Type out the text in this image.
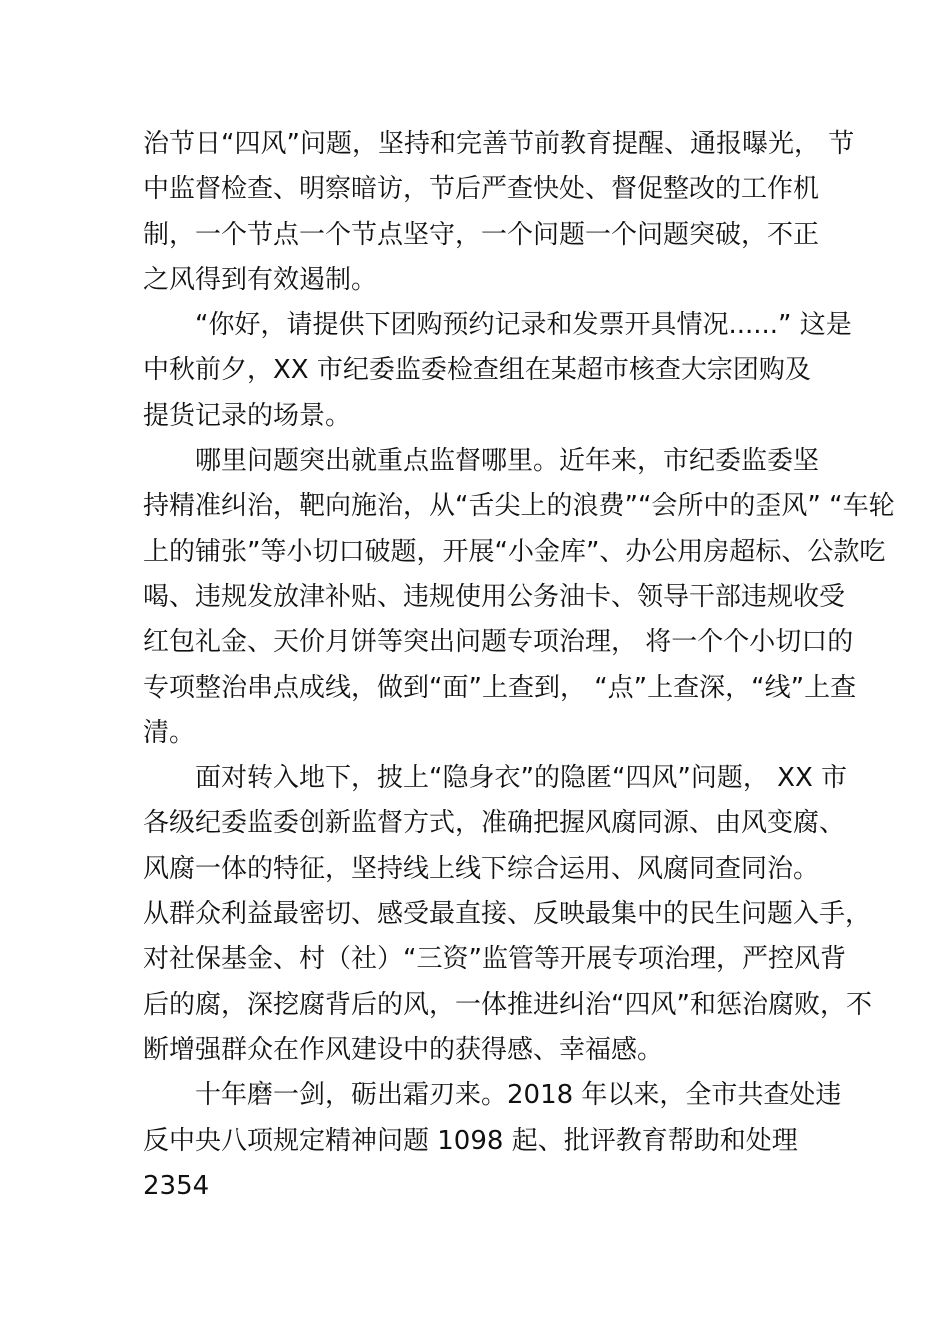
治节日“四风”问题，坚持和完善节前教育提醒、通报曝光， 节
中监督检查、明察暗访，节后严查快处、督促整改的工作机
制，一个节点一个节点坚守，一个问题一个问题突破，不正
之风得到有效遏制。
“你好，请提供下团购预约记录和发票开具情况......” 这是
中秋前夕，XX 市纪委监委检查组在某超市核查大宗团购及
提货记录的场景。
哪里问题突出就重点监督哪里。近年来，市纪委监委坚
持精准纠治，靶向施治，从“舌尖上的浪费”“会所中的歪风” “车轮
上的铺张”等小切口破题，开展“小金库”、办公用房超标、公款吃
喝、违规发放津补贴、违规使用公务油卡、领导干部违规收受
红包礼金、天价月饼等突出问题专项治理， 将一个个小切口的
专项整治串点成线，做到“面”上查到， “点”上查深，“线”上查
清。
面对转入地下，披上“隐身衣”的隐匿“四风”问题， XX 市
各级纪委监委创新监督方式，准确把握风腐同源、由风变腐、
风腐一体的特征，坚持线上线下综合运用、风腐同查同治。
从群众利益最密切、感受最直接、反映最集中的民生问题入手，
对社保基金、村（社）“三资”监管等开展专项治理，严控风背
后的腐，深挖腐背后的风，一体推进纠治“四风”和惩治腐败，不
断增强群众在作风建设中的获得感、幸福感。
十年磨一剑，砺出霜刃来。2018 年以来，全市共查处违
反中央八项规定精神问题 1098 起、批评教育帮助和处理
2354
